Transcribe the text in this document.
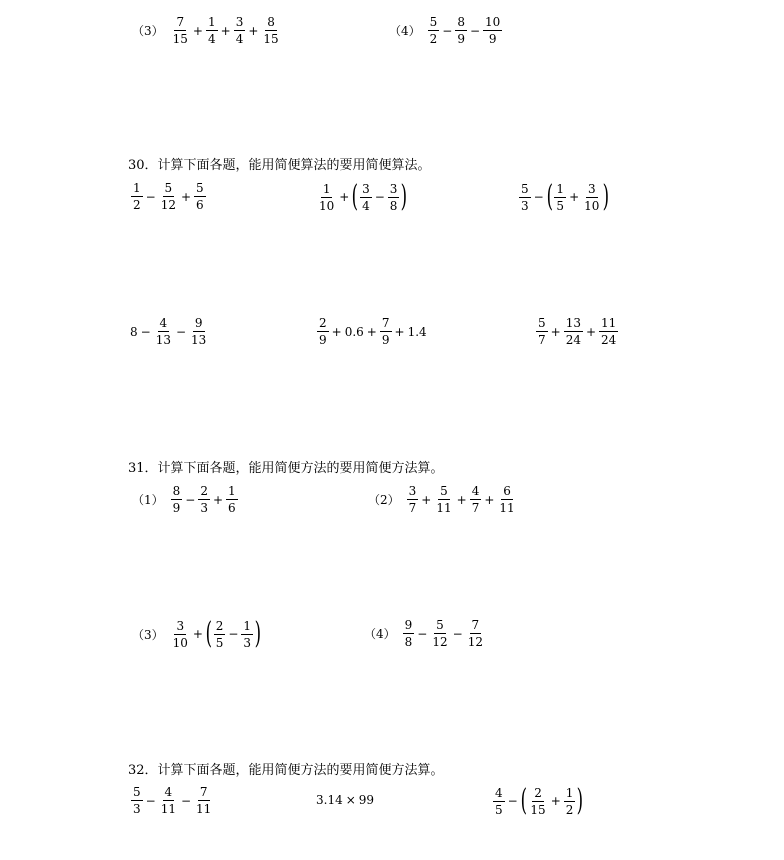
$(3) \frac{7}{15} + \frac{1}{4} + \frac{3}{4} + \frac{8}{15}$	$(4) \frac{5}{2} - \frac{8}{9} - \frac{10}{9}$
30．计算下面各题，能用简便算法的要用简便算法。
$\frac{1}{2} - \frac{5}{12} + \frac{5}{6}$	$\frac{1}{10}$ + ( $\frac{3}{4} - \frac{3}{8}$ )	$\frac{5}{3}$ − ( $\frac{1}{5} + \frac{3}{10}$ )
$8 - \frac{4}{13} - \frac{9}{13}$	$\frac{2}{9} + 0.6 + \frac{7}{9} + 1.4$	$\frac{5}{7} + \frac{13}{24} + \frac{11}{24}$
31．计算下面各题，能用简便方法的要用简便方法算。
$(1) \frac{8}{9} - \frac{2}{3} + \frac{1}{6}$	$(2) \frac{3}{7} + \frac{5}{11} + \frac{4}{7} + \frac{6}{11}$
$(3) \frac{3}{10}$ + ( $\frac{2}{5} - \frac{1}{3}$ )	$(4) \frac{9}{8} - \frac{5}{12} - \frac{7}{12}$
32．计算下面各题，能用简便方法的要用简便方法算。
$\frac{5}{3} - \frac{4}{11} - \frac{7}{11}$	3.14 × 99	$\frac{4}{5}$ − ( $\frac{2}{15} + \frac{1}{2}$ )
